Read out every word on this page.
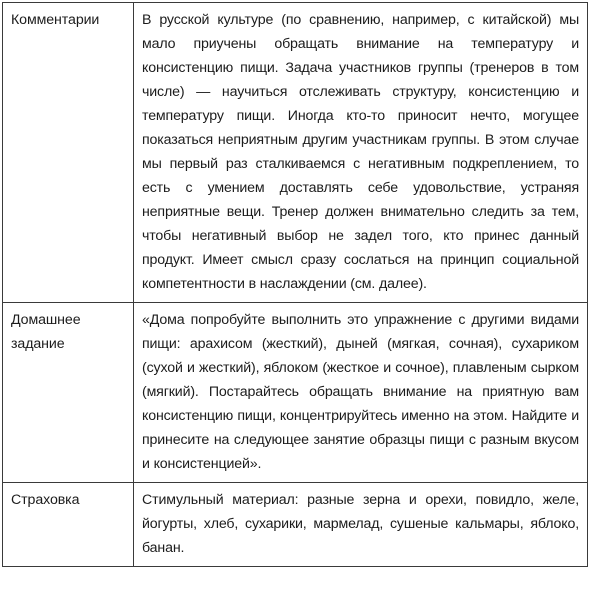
Комментарии	В русской культуре (по сравнению, например, с китайской) мы мало приучены обращать внимание на температуру и консистенцию пищи. Задача участников группы (тренеров в том числе) — научиться отслеживать структуру, консистенцию и температуру пищи. Иногда кто-то приносит нечто, могущее показаться неприятным другим участникам группы. В этом случае мы первый раз сталкиваемся с негативным подкреплением, то есть с умением доставлять себе удовольствие, устраняя неприятные вещи. Тренер должен внимательно следить за тем, чтобы негативный выбор не задел того, кто принес данный продукт. Имеет смысл сразу сослаться на принцип социальной компетентности в наслаждении (см. далее).
Домашнее задание	«Дома попробуйте выполнить это упражнение с другими видами пищи: арахисом (жесткий), дыней (мягкая, сочная), сухариком (сухой и жесткий), яблоком (жесткое и сочное), плавленым сырком (мягкий). Постарайтесь обращать внимание на приятную вам консистенцию пищи, концентрируйтесь именно на этом. Найдите и принесите на следующее занятие образцы пищи с разным вкусом и консистенцией».
Страховка	Стимульный материал: разные зерна и орехи, повидло, желе, йогурты, хлеб, сухарики, мармелад, сушеные кальмары, яблоко, банан.
